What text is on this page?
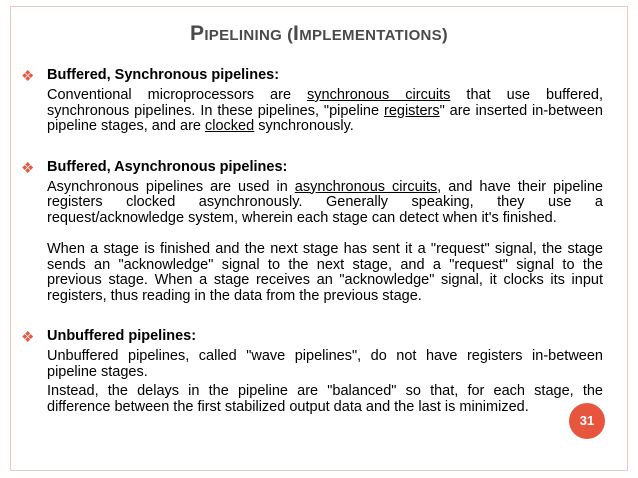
PIPELINING (IMPLEMENTATIONS)
❖ Buffered, Synchronous pipelines:
Conventional microprocessors are synchronous circuits that use buffered, synchronous pipelines. In these pipelines, "pipeline registers" are inserted in-between pipeline stages, and are clocked synchronously.
❖ Buffered, Asynchronous pipelines:
Asynchronous pipelines are used in asynchronous circuits, and have their pipeline registers clocked asynchronously. Generally speaking, they use a request/acknowledge system, wherein each stage can detect when it's finished.
When a stage is finished and the next stage has sent it a "request" signal, the stage sends an "acknowledge" signal to the next stage, and a "request" signal to the previous stage. When a stage receives an "acknowledge" signal, it clocks its input registers, thus reading in the data from the previous stage.
❖ Unbuffered pipelines:
Unbuffered pipelines, called "wave pipelines", do not have registers in-between pipeline stages.
Instead, the delays in the pipeline are "balanced" so that, for each stage, the difference between the first stabilized output data and the last is minimized.
31
